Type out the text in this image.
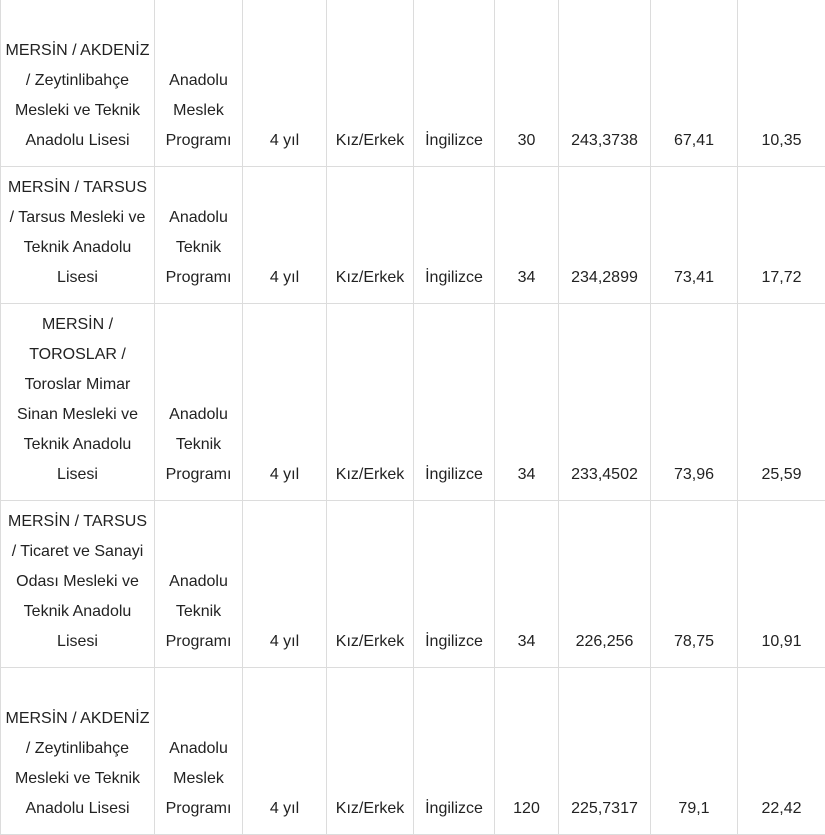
MERSİN / AKDENİZ / Zeytinlibahçe Mesleki ve Teknik Anadolu Lisesi	Anadolu Meslek Programı	4 yıl	Kız/Erkek	İngilizce	30	243,3738	67,41	10,35
MERSİN / TARSUS / Tarsus Mesleki ve Teknik Anadolu Lisesi	Anadolu Teknik Programı	4 yıl	Kız/Erkek	İngilizce	34	234,2899	73,41	17,72
MERSİN / TOROSLAR / Toroslar Mimar Sinan Mesleki ve Teknik Anadolu Lisesi	Anadolu Teknik Programı	4 yıl	Kız/Erkek	İngilizce	34	233,4502	73,96	25,59
MERSİN / TARSUS / Ticaret ve Sanayi Odası Mesleki ve Teknik Anadolu Lisesi	Anadolu Teknik Programı	4 yıl	Kız/Erkek	İngilizce	34	226,256	78,75	10,91
MERSİN / AKDENİZ / Zeytinlibahçe Mesleki ve Teknik Anadolu Lisesi	Anadolu Meslek Programı	4 yıl	Kız/Erkek	İngilizce	120	225,7317	79,1	22,42
